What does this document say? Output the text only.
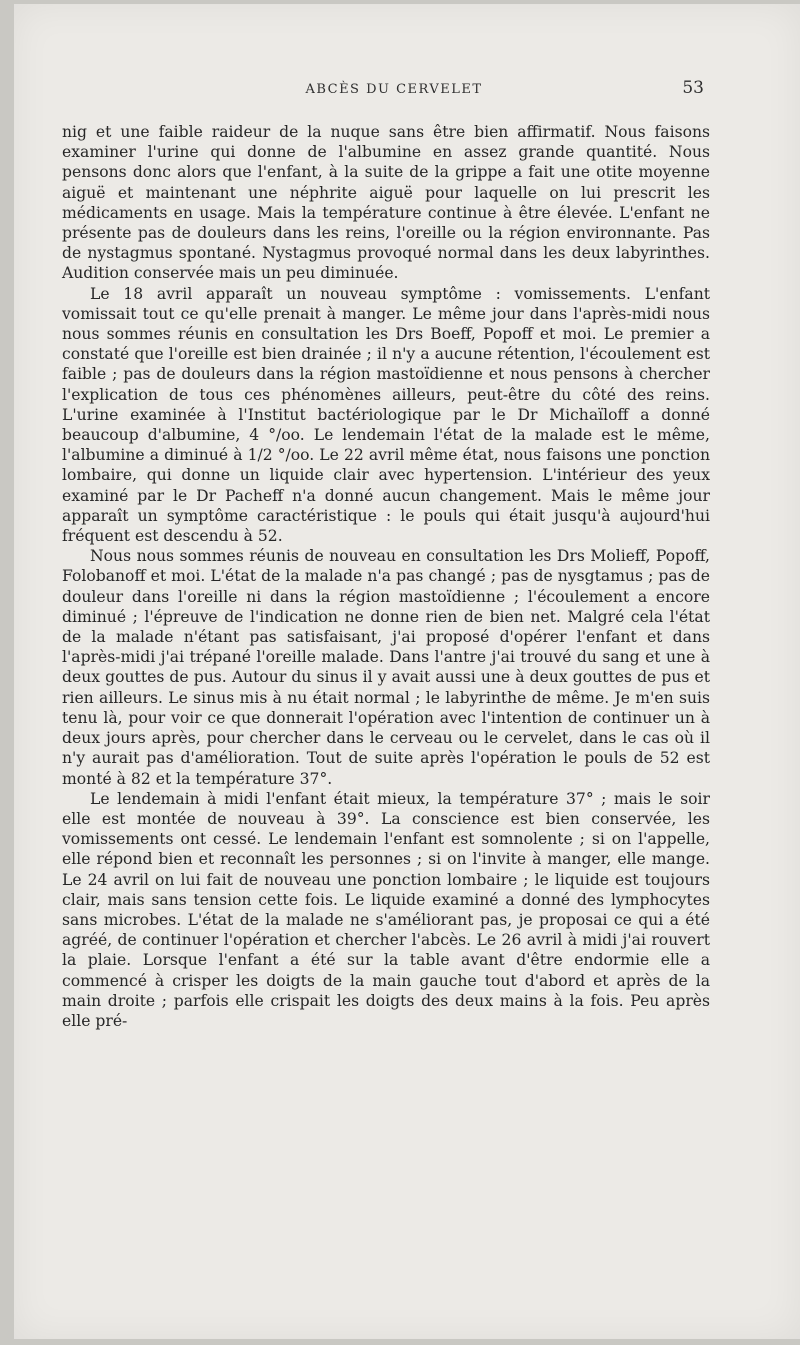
ABCÈS DU CERVELET	53

nig et une faible raideur de la nuque sans être bien affirmatif. Nous faisons examiner l'urine qui donne de l'albumine en assez grande quantité. Nous pensons donc alors que l'enfant, à la suite de la grippe a fait une otite moyenne aiguë et maintenant une néphrite aiguë pour laquelle on lui prescrit les médicaments en usage. Mais la température continue à être élevée. L'enfant ne présente pas de douleurs dans les reins, l'oreille ou la région environnante. Pas de nystagmus spontané. Nystagmus provoqué normal dans les deux labyrinthes. Audition conservée mais un peu diminuée.

Le 18 avril apparaît un nouveau symptôme : vomissements. L'enfant vomissait tout ce qu'elle prenait à manger. Le même jour dans l'après-midi nous nous sommes réunis en consultation les Drs Boeff, Popoff et moi. Le premier a constaté que l'oreille est bien drainée ; il n'y a aucune rétention, l'écoulement est faible ; pas de douleurs dans la région mastoïdienne et nous pensons à chercher l'explication de tous ces phénomènes ailleurs, peut-être du côté des reins. L'urine examinée à l'Institut bactériologique par le Dr Michaïloff a donné beaucoup d'albumine, 4 °/oo. Le lendemain l'état de la malade est le même, l'albumine a diminué à 1/2 °/oo. Le 22 avril même état, nous faisons une ponction lombaire, qui donne un liquide clair avec hypertension. L'intérieur des yeux examiné par le Dr Pacheff n'a donné aucun changement. Mais le même jour apparaît un symptôme caractéristique : le pouls qui était jusqu'à aujourd'hui fréquent est descendu à 52.

Nous nous sommes réunis de nouveau en consultation les Drs Molieff, Popoff, Folobanoff et moi. L'état de la malade n'a pas changé ; pas de nysgtamus ; pas de douleur dans l'oreille ni dans la région mastoïdienne ; l'écoulement a encore diminué ; l'épreuve de l'indication ne donne rien de bien net. Malgré cela l'état de la malade n'étant pas satisfaisant, j'ai proposé d'opérer l'enfant et dans l'après-midi j'ai trépané l'oreille malade. Dans l'antre j'ai trouvé du sang et une à deux gouttes de pus. Autour du sinus il y avait aussi une à deux gouttes de pus et rien ailleurs. Le sinus mis à nu était normal ; le labyrinthe de même. Je m'en suis tenu là, pour voir ce que donnerait l'opération avec l'intention de continuer un à deux jours après, pour chercher dans le cerveau ou le cervelet, dans le cas où il n'y aurait pas d'amélioration. Tout de suite après l'opération le pouls de 52 est monté à 82 et la température 37°.

Le lendemain à midi l'enfant était mieux, la température 37° ; mais le soir elle est montée de nouveau à 39°. La conscience est bien conservée, les vomissements ont cessé. Le lendemain l'enfant est somnolente ; si on l'appelle, elle répond bien et reconnaît les personnes ; si on l'invite à manger, elle mange. Le 24 avril on lui fait de nouveau une ponction lombaire ; le liquide est toujours clair, mais sans tension cette fois. Le liquide examiné a donné des lymphocytes sans microbes. L'état de la malade ne s'améliorant pas, je proposai ce qui a été agréé, de continuer l'opération et chercher l'abcès. Le 26 avril à midi j'ai rouvert la plaie. Lorsque l'enfant a été sur la table avant d'être endormie elle a commencé à crisper les doigts de la main gauche tout d'abord et après de la main droite ; parfois elle crispait les doigts des deux mains à la fois. Peu après elle pré-
